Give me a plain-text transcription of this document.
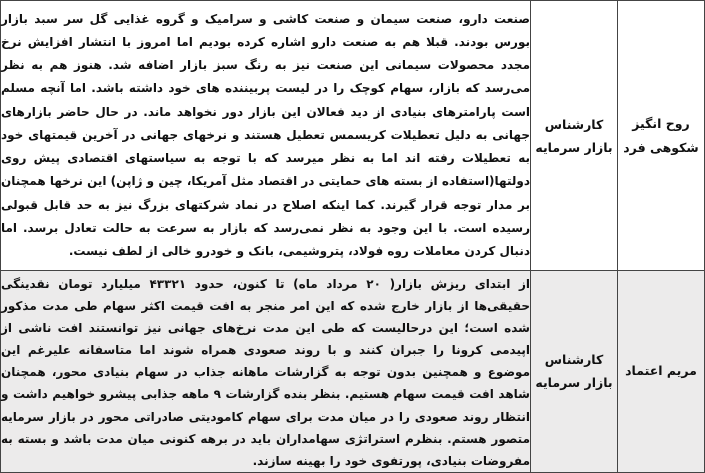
روح انگیز شکوهی فرد	کارشناس بازار سرمایه	صنعت دارو، صنعت سیمان و صنعت کاشی و سرامیک و گروه غذایی گل سر سبد بازار بورس بودند. قبلا هم به صنعت دارو اشاره کرده بودیم اما امروز با انتشار افزایش نرخ مجدد محصولات سیمانی این صنعت نیز به رنگ سبز بازار اضافه شد. هنوز هم به نظر می‌رسد که بازار، سهام کوچک را در لیست پربیننده های خود داشته باشد. اما آنچه مسلم است پارامترهای بنیادی از دید فعالان این بازار دور نخواهد ماند. در حال حاضر بازارهای جهانی به دلیل تعطیلات کریسمس تعطیل هستند و نرخهای جهانی در آخرین قیمتهای خود به تعطیلات رفته اند اما به نظر میرسد که با توجه به سیاستهای اقتصادی پیش روی دولتها(استفاده از بسته های حمایتی در اقتصاد مثل آمریکا، چین و ژاپن) این نرخها همچنان بر مدار توجه قرار گیرند. کما اینکه اصلاح در نماد شرکتهای بزرگ نیز به حد قابل قبولی رسیده است. با این وجود به نظر نمی‌رسد که بازار به سرعت به حالت تعادل برسد. اما دنبال کردن معاملات روه فولاد، پتروشیمی، بانک و خودرو خالی از لطف نیست.
مریم اعتماد	کارشناس بازار سرمایه	از ابتدای ریزش بازار( ۲۰ مرداد ماه) تا کنون، حدود ۴۳۳۲۱ میلیارد تومان نقدینگی حقیقی‌ها از بازار خارج شده که این امر منجر به افت قیمت اکثر سهام طی مدت مذکور شده است؛ این درحالیست که طی این مدت نرخ‌های جهانی نیز توانستند افت ناشی از اپیدمی کرونا را جبران کنند و با روند صعودی همراه شوند اما متاسفانه علیرغم این موضوع و همچنین بدون توجه به گزارشات ماهانه جذاب در سهام بنیادی محور، همچنان شاهد افت قیمت سهام هستیم. بنظر بنده گزارشات ۹ ماهه جذابی پیشرو خواهیم داشت و انتظار روند صعودی را در میان مدت برای سهام کامودیتی صادراتی محور در بازار سرمایه متصور هستم. بنظرم استراتژی سهامداران باید در برهه کنونی میان مدت باشد و بسته به مفروضات بنیادی، پورتفوی خود را بهینه سازند.
